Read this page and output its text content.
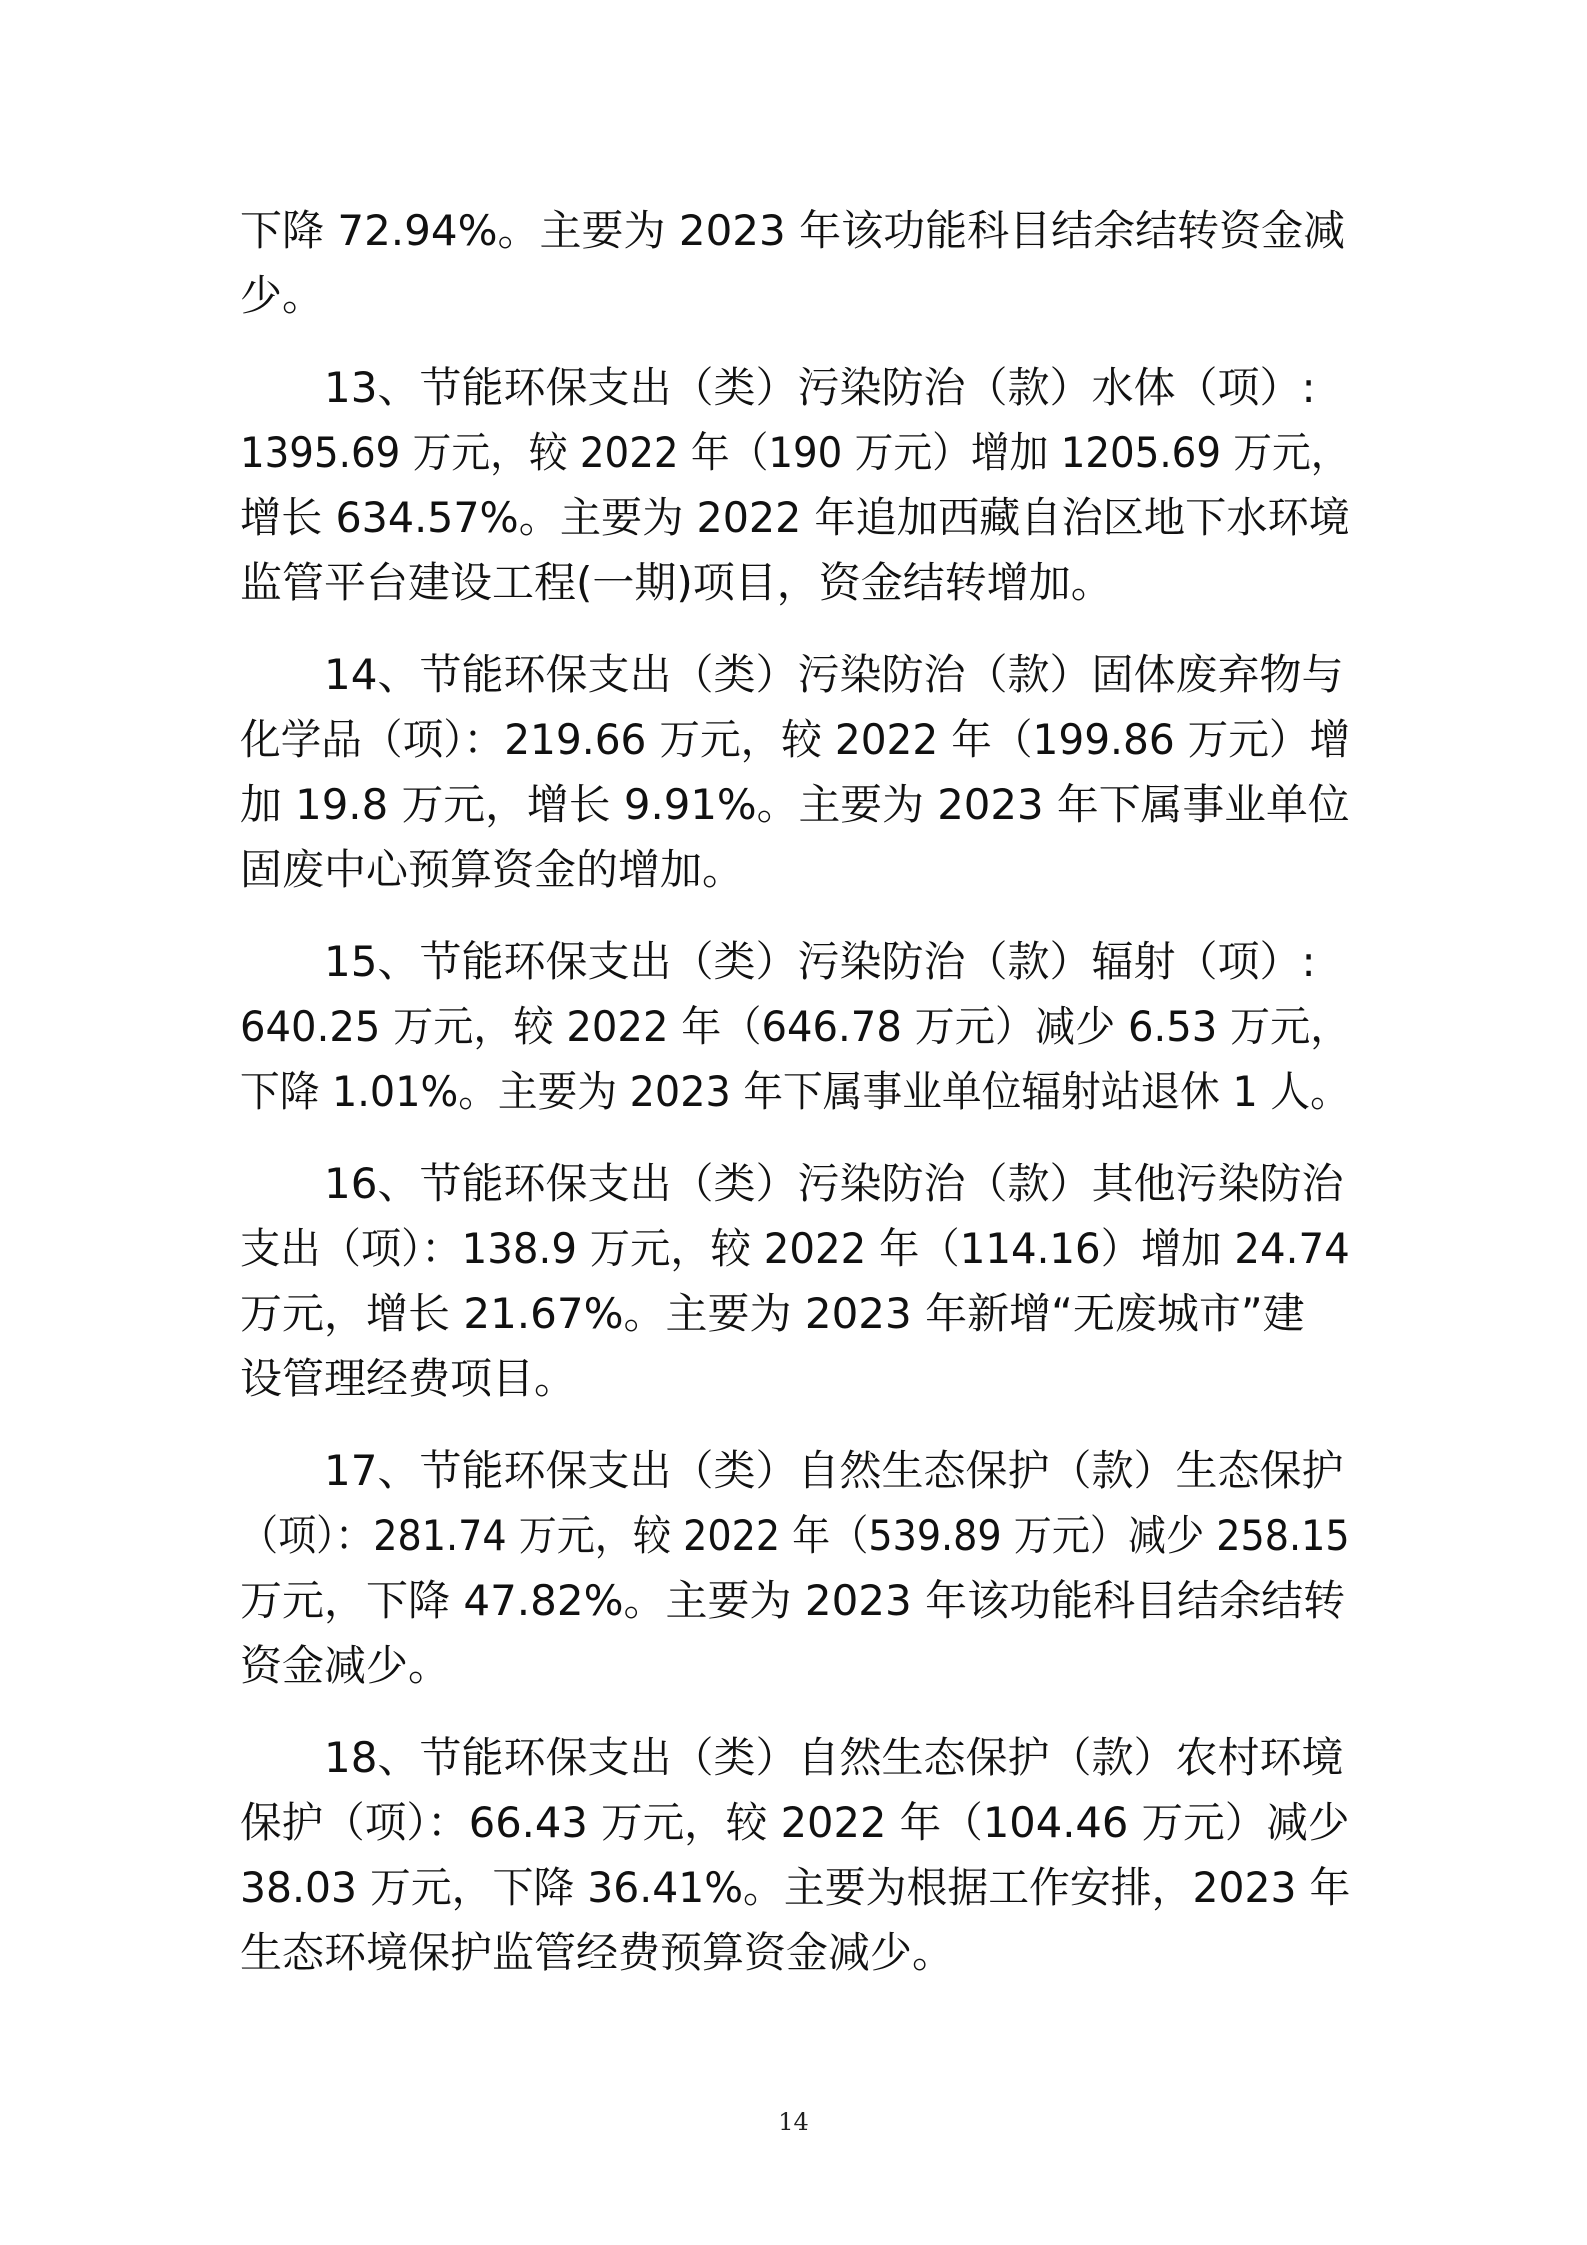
下降 72.94%。主要为 2023 年该功能科目结余结转资金减
少。
　　13、节能环保支出（类）污染防治（款）水体（项）:
1395.69 万元，较 2022 年（190 万元）增加 1205.69 万元，
增长 634.57%。主要为 2022 年追加西藏自治区地下水环境
监管平台建设工程(一期)项目，资金结转增加。
　　14、节能环保支出（类）污染防治（款）固体废弃物与
化学品（项）：219.66 万元，较 2022 年（199.86 万元）增
加 19.8 万元，增长 9.91%。主要为 2023 年下属事业单位
固废中心预算资金的增加。
　　15、节能环保支出（类）污染防治（款）辐射（项）:
640.25 万元，较 2022 年（646.78 万元）减少 6.53 万元，
下降 1.01%。主要为 2023 年下属事业单位辐射站退休 1 人。
　　16、节能环保支出（类）污染防治（款）其他污染防治
支出（项）：138.9 万元，较 2022 年（114.16）增加 24.74
万元，增长 21.67%。主要为 2023 年新增“无废城市”建
设管理经费项目。
　　17、节能环保支出（类）自然生态保护（款）生态保护
（项）：281.74 万元，较 2022 年（539.89 万元）减少 258.15
万元，下降 47.82%。主要为 2023 年该功能科目结余结转
资金减少。
　　18、节能环保支出（类）自然生态保护（款）农村环境
保护（项）：66.43 万元，较 2022 年（104.46 万元）减少
38.03 万元，下降 36.41%。主要为根据工作安排，2023 年
生态环境保护监管经费预算资金减少。
14
